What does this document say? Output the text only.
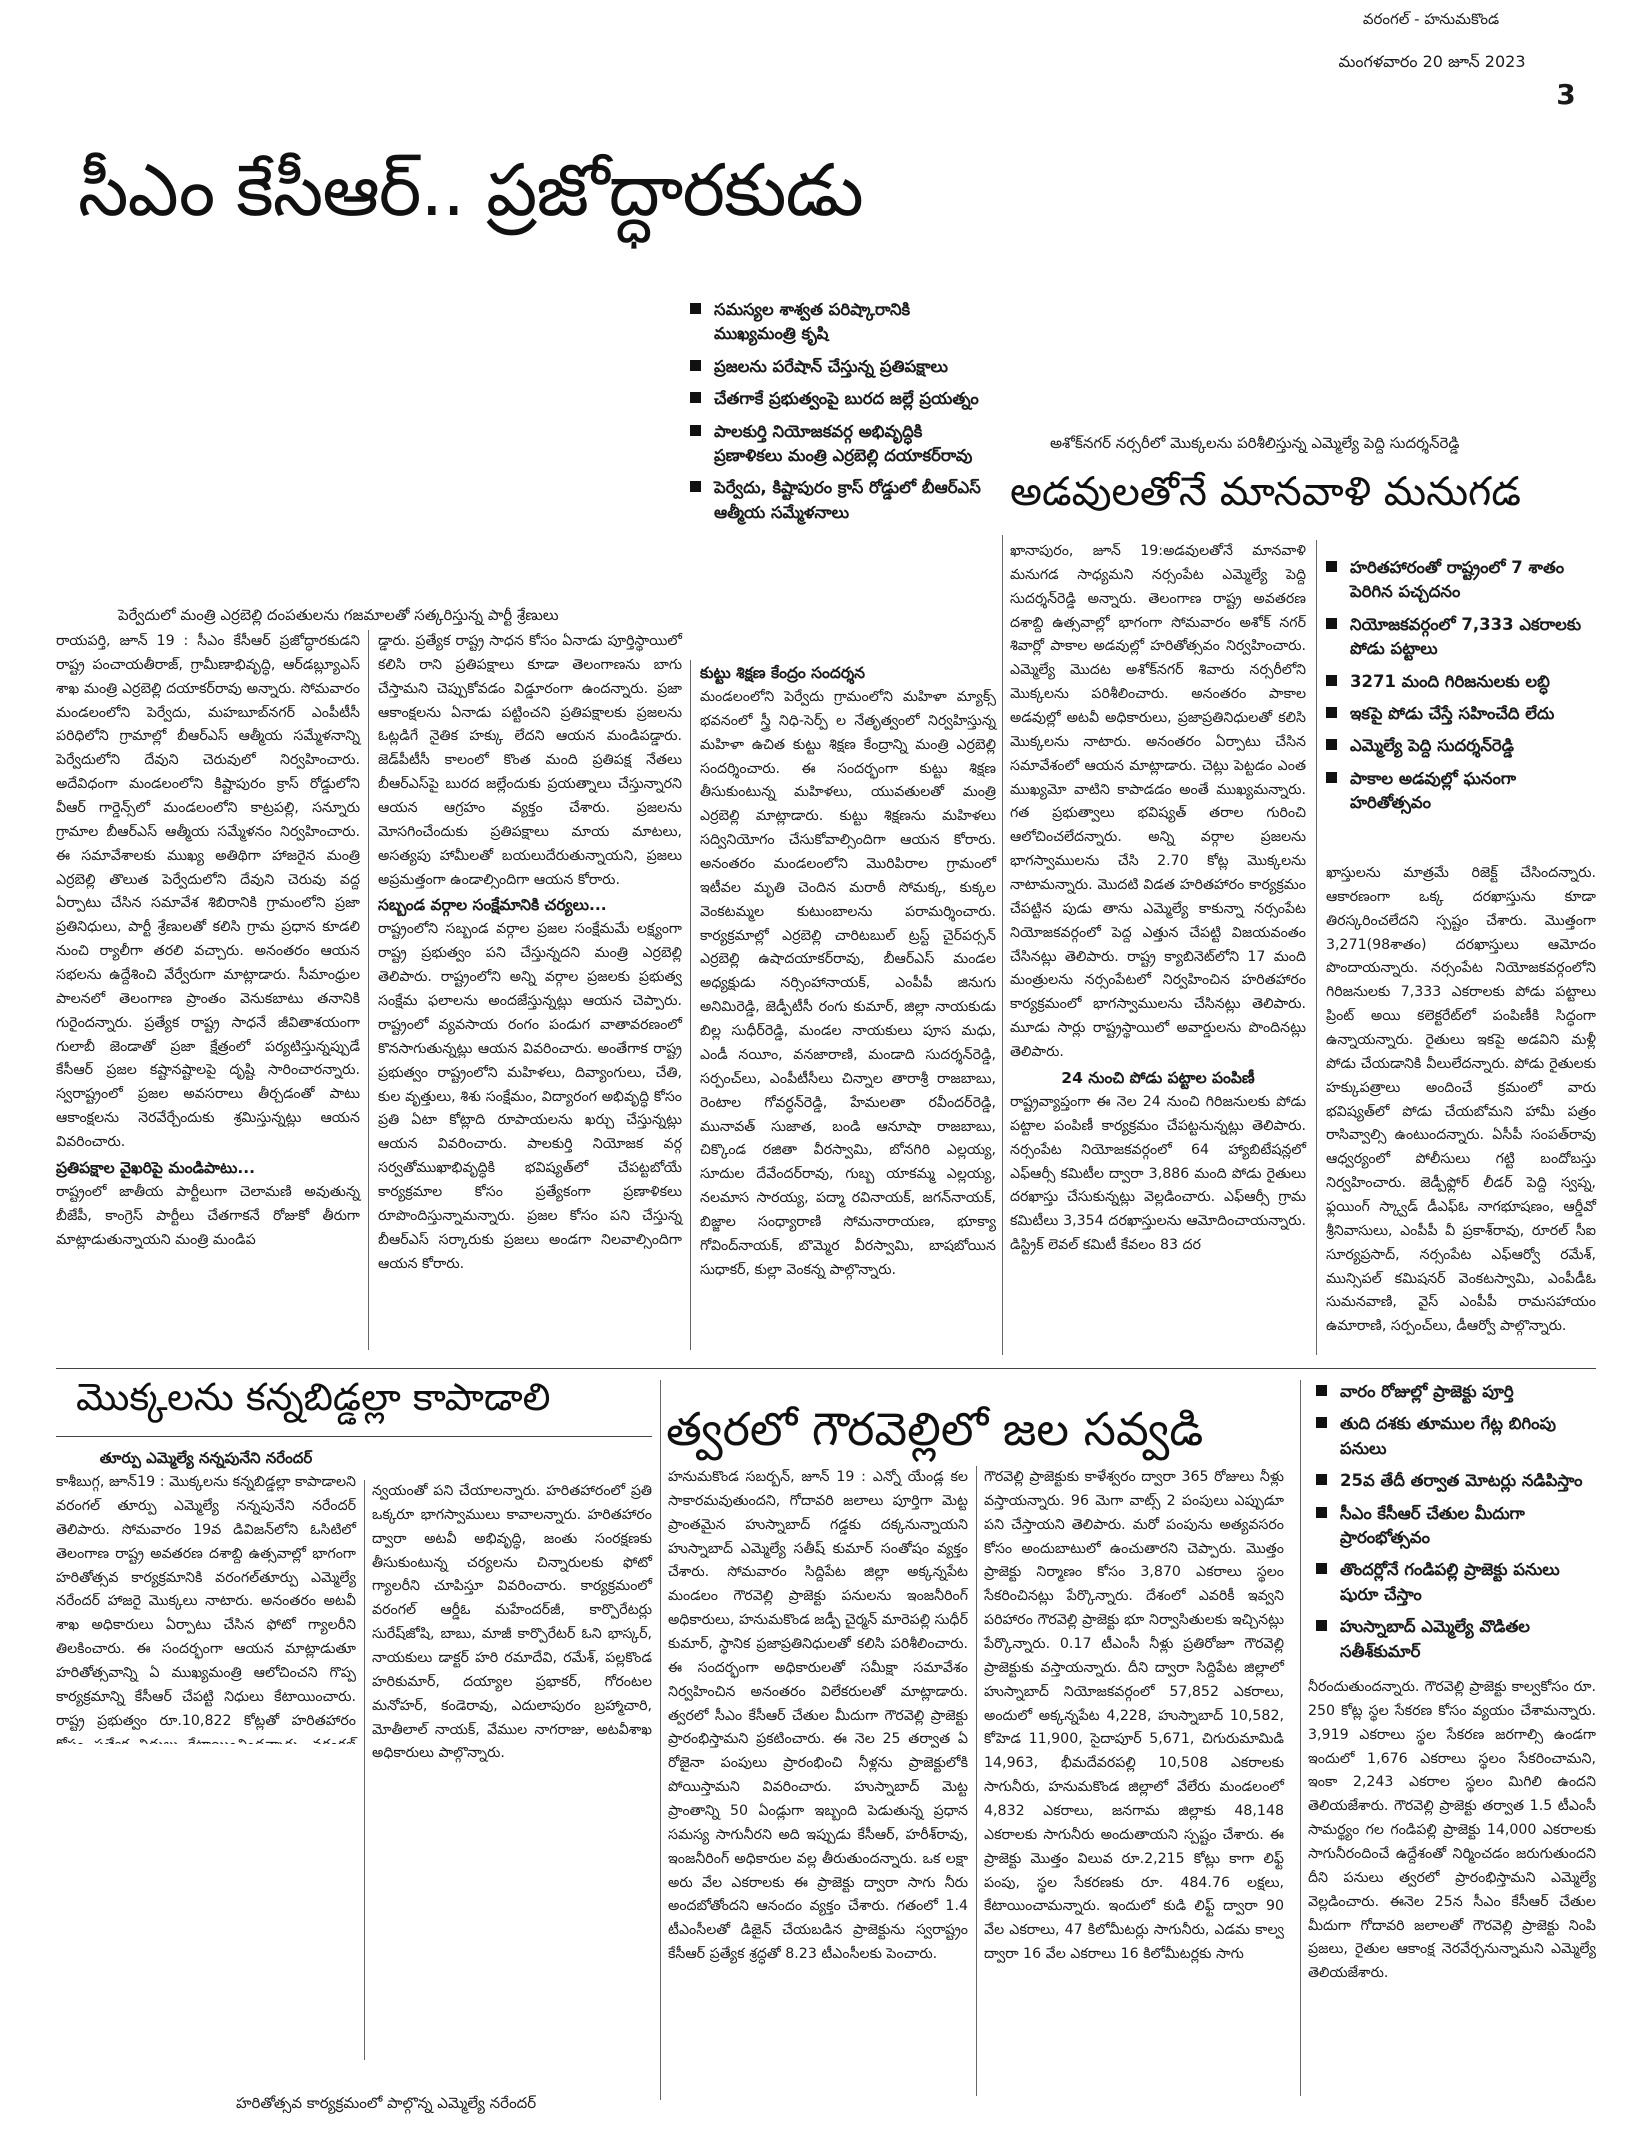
వరంగల్ - హనుమకొండ
మంగళవారం 20 జూన్ 2023
3
సీఎం కేసీఆర్.. ప్రజోద్ధారకుడు
పెర్వేదులో మంత్రి ఎర్రబెల్లి దంపతులను గజమాలతో సత్కరిస్తున్న పార్టీ శ్రేణులు
సమస్యల శాశ్వత పరిష్కారానికి ముఖ్యమంత్రి కృషి
ప్రజలను పరేషాన్ చేస్తున్న ప్రతిపక్షాలు
చేతగాకే ప్రభుత్వంపై బురద జల్లే ప్రయత్నం
పాలకుర్తి నియోజకవర్గ అభివృద్ధికి ప్రణాళికలు మంత్రి ఎర్రబెల్లి దయాకర్‌రావు
పెర్వేదు, కిష్టాపురం క్రాస్ రోడ్డులో బీఆర్ఎస్ ఆత్మీయ సమ్మేళనాలు

రాయపర్తి, జూన్ 19 : సీఎం కేసీఆర్ ప్రజోద్ధారకుడని రాష్ట్ర పంచాయతీరాజ్, గ్రామీణాభివృద్ధి, ఆర్‌డబ్ల్యూఎస్ శాఖ మంత్రి ఎర్రబెల్లి దయాకర్‌రావు అన్నారు. సోమవారం మండలంలోని పెర్వేదు, మహబూబ్‌నగర్ ఎంపీటీసీ పరిధిలోని గ్రామాల్లో బీఆర్ఎస్ ఆత్మీయ సమ్మేళనాన్ని పెర్వేదులోని దేవుని చెరువులో నిర్వహించారు. అదేవిధంగా మండలంలోని కిష్టాపురం క్రాస్ రోడ్డులోని వీఆర్ గార్డెన్స్‌లో మండలంలోని కాట్రపల్లి, సన్నూరు గ్రామాల బీఆర్ఎస్ ఆత్మీయ సమ్మేళనం నిర్వహించారు. ఈ సమావేశాలకు ముఖ్య అతిథిగా హాజరైన మంత్రి ఎర్రబెల్లి తొలుత పెర్వేదులోని దేవుని చెరువు వద్ద ఏర్పాటు చేసిన సమావేశ శిబిరానికి గ్రామంలోని ప్రజా ప్రతినిధులు, పార్టీ శ్రేణులతో కలిసి గ్రామ ప్రధాన కూడలి నుంచి ర్యాలీగా తరలి వచ్చారు. అనంతరం ఆయన సభలను ఉద్దేశించి వేర్వేరుగా మాట్లాడారు. సీమాంధ్రుల పాలనలో తెలంగాణ ప్రాంతం వెనుకబాటు తనానికి గురైందన్నారు. ప్రత్యేక రాష్ట్ర సాధనే జీవితాశయంగా గులాబీ జెండాతో ప్రజా క్షేత్రంలో పర్యటిస్తున్నప్పుడే కేసీఆర్ ప్రజల కష్టానష్టాలపై దృష్టి సారించారన్నారు. స్వరాష్ట్రంలో ప్రజల అవసరాలు తీర్చడంతో పాటు ఆకాంక్షలను నెరవేర్చేందుకు శ్రమిస్తున్నట్లు ఆయన వివరించారు.

ప్రతిపక్షాల వైఖరిపై మండిపాటు...

రాష్ట్రంలో జాతీయ పార్టీలుగా చెలామణి అవుతున్న బీజేపీ, కాంగ్రెస్ పార్టీలు చేతగాకనే రోజుకో తీరుగా మాట్లాడుతున్నాయని మంత్రి మండిప

డ్డారు. ప్రత్యేక రాష్ట్ర సాధన కోసం ఏనాడు పూర్తిస్థాయిలో కలిసి రాని ప్రతిపక్షాలు కూడా తెలంగాణను బాగు చేస్తామని చెప్పుకోవడం విడ్డూరంగా ఉందన్నారు. ప్రజా ఆకాంక్షలను ఏనాడు పట్టించని ప్రతిపక్షాలకు ప్రజలను ఓట్లడిగే నైతిక హక్కు లేదని ఆయన మండిపడ్డారు. జెడ్‌పీటీసీ కాలంలో కొంత మంది ప్రతిపక్ష నేతలు బీఆర్ఎస్‌పై బురద జల్లేందుకు ప్రయత్నాలు చేస్తున్నారని ఆయన ఆగ్రహం వ్యక్తం చేశారు. ప్రజలను మోసగించేందుకు ప్రతిపక్షాలు మాయ మాటలు, అసత్యపు హామీలతో బయలుదేరుతున్నాయని, ప్రజలు అప్రమత్తంగా ఉండాల్సిందిగా ఆయన కోరారు.

సబ్బండ వర్గాల సంక్షేమానికి చర్యలు...

రాష్ట్రంలోని సబ్బండ వర్గాల ప్రజల సంక్షేమమే లక్ష్యంగా రాష్ట్ర ప్రభుత్వం పని చేస్తున్నదని మంత్రి ఎర్రబెల్లి తెలిపారు. రాష్ట్రంలోని అన్ని వర్గాల ప్రజలకు ప్రభుత్వ సంక్షేమ ఫలాలను అందజేస్తున్నట్లు ఆయన చెప్పారు. రాష్ట్రంలో వ్యవసాయ రంగం పండుగ వాతావరణంలో కొనసాగుతున్నట్లు ఆయన వివరించారు. అంతేగాక రాష్ట్ర ప్రభుత్వం రాష్ట్రంలోని మహిళలు, దివ్యాంగులు, చేతి, కుల వృత్తులు, శిశు సంక్షేమం, విద్యారంగ అభివృద్ధి కోసం ప్రతి ఏటా కోట్లాది రూపాయలను ఖర్చు చేస్తున్నట్లు ఆయన వివరించారు. పాలకుర్తి నియోజక వర్గ సర్వతోముఖాభివృద్ధికి భవిష్యత్‌లో చేపట్టబోయే కార్యక్రమాల కోసం ప్రత్యేకంగా ప్రణాళికలు రూపొందిస్తున్నామన్నారు. ప్రజల కోసం పని చేస్తున్న బీఆర్ఎస్ సర్కారుకు ప్రజలు అండగా నిలవాల్సిందిగా ఆయన కోరారు.

కుట్టు శిక్షణ కేంద్రం సందర్శన

మండలంలోని పెర్వేదు గ్రామంలోని మహిళా మ్యాక్స్ భవనంలో స్త్రీ నిధి-సెర్ప్ ల నేతృత్వంలో నిర్వహిస్తున్న మహిళా ఉచిత కుట్టు శిక్షణ కేంద్రాన్ని మంత్రి ఎర్రబెల్లి సందర్శించారు. ఈ సందర్భంగా కుట్టు శిక్షణ తీసుకుంటున్న మహిళలు, యువతులతో మంత్రి ఎర్రబెల్లి మాట్లాడారు. కుట్టు శిక్షణను మహిళలు సద్వినియోగం చేసుకోవాల్సిందిగా ఆయన కోరారు. అనంతరం మండలంలోని మొరిపిరాల గ్రామంలో ఇటీవల మృతి చెందిన మరాఠీ సోమక్క, కుక్కల వెంకటమ్మల కుటుంబాలను పరామర్శించారు. కార్యక్రమాల్లో ఎర్రబెల్లి చారిటబుల్ ట్రస్ట్ చైర్‌పర్సన్ ఎర్రబెల్లి ఉషాదయాకర్‌రావు, బీఆర్ఎస్ మండల అధ్యక్షుడు నర్సింహానాయక్, ఎంపీపీ జినుగు అనిమిరెడ్డి, జెడ్పీటీసీ రంగు కుమార్, జిల్లా నాయకుడు బిల్ల సుధీర్‌రెడ్డి, మండల నాయకులు పూస మధు, ఎండీ నయీం, వనజారాణి, మండాది సుదర్శన్‌రెడ్డి, సర్పంచ్‌లు, ఎంపీటీసీలు చిన్నాల తారాశ్రీ రాజబాబు, రెంటాల గోవర్ధన్‌రెడ్డి, హేమలతా రవీందర్‌రెడ్డి, మునావత్ సుజాత, బండి ఆనూషా రాజబాబు, చిక్కొండ రజితా వీరస్వామి, బోనగిరి ఎల్లయ్య, సూదుల దేవేందర్‌రావు, గుబ్బ యాకమ్మ ఎల్లయ్య, నలమాస సారయ్య, పద్మా రవినాయక్, జగన్‌నాయక్, బిజ్జాల సంధ్యారాణి సోమనారాయణ, భూక్యా గోవింద్‌నాయక్, బొమ్మెర వీరస్వామి, బాషబోయిన సుధాకర్, కుల్లా వెంకన్న పాల్గొన్నారు.

అశోక్‌నగర్ నర్సరీలో మొక్కలను పరిశీలిస్తున్న ఎమ్మెల్యే పెద్ది సుదర్శన్‌రెడ్డి
అడవులతోనే మానవాళి మనుగడ

ఖానాపురం, జూన్ 19:అడవులతోనే మానవాళి మనుగడ సాధ్యమని నర్సంపేట ఎమ్మెల్యే పెద్ది సుదర్శన్‌రెడ్డి అన్నారు. తెలంగాణ రాష్ట్ర అవతరణ దశాబ్ది ఉత్సవాల్లో భాగంగా సోమవారం అశోక్ నగర్ శివార్లో పాకాల అడవుల్లో హరితోత్సవం నిర్వహించారు. ఎమ్మెల్యే మొదట అశోక్‌నగర్ శివారు నర్సరీలోని మొక్కలను పరిశీలించారు. అనంతరం పాకాల అడవుల్లో అటవీ అధికారులు, ప్రజాప్రతినిధులతో కలిసి మొక్కలను నాటారు. అనంతరం ఏర్పాటు చేసిన సమావేశంలో ఆయన మాట్లాడారు. చెట్లు పెట్టడం ఎంత ముఖ్యమో వాటిని కాపాడడం అంతే ముఖ్యమన్నారు. గత ప్రభుత్వాలు భవిష్యత్ తరాల గురించి ఆలోచించలేదన్నారు. అన్ని వర్గాల ప్రజలను భాగస్వాములను చేసి 2.70 కోట్ల మొక్కలను నాటామన్నారు. మొదటి విడత హరితహారం కార్యక్రమం చేపట్టిన పుడు తాను ఎమ్మెల్యే కాకున్నా నర్సంపేట నియోజకవర్గంలో పెద్ద ఎత్తున చేపట్టి విజయవంతం చేసినట్లు తెలిపారు. రాష్ట్ర క్యాబినెట్‌లోని 17 మంది మంత్రులను నర్సంపేటలో నిర్వహించిన హరితహారం కార్యక్రమంలో భాగస్వాములను చేసినట్లు తెలిపారు. మూడు సార్లు రాష్ట్రస్థాయిలో అవార్డులను పొందినట్లు తెలిపారు.

24 నుంచి పోడు పట్టాల పంపిణీ

రాష్ట్రవ్యాప్తంగా ఈ నెల 24 నుంచి గిరిజనులకు పోడు పట్టాల పంపిణీ కార్యక్రమం చేపట్టనున్నట్లు తెలిపారు. నర్సంపేట నియోజకవర్గంలో 64 హ్యాబిటేషన్లలో ఎఫ్ఆర్సీ కమిటీల ద్వారా 3,886 మంది పోడు రైతులు దరఖాస్తు చేసుకున్నట్లు వెల్లడించారు. ఎఫ్ఆర్సీ గ్రామ కమిటీలు 3,354 దరఖాస్తులను ఆమోదించాయన్నారు. డిస్ట్రిక్ లెవల్ కమిటీ కేవలం 83 దర

హరితహారంతో రాష్ట్రంలో 7 శాతం పెరిగిన పచ్చదనం
నియోజకవర్గంలో 7,333 ఎకరాలకు పోడు పట్టాలు
3271 మంది గిరిజనులకు లబ్ధి
ఇకపై పోడు చేస్తే సహించేది లేదు
ఎమ్మెల్యే పెద్ది సుదర్శన్‌రెడ్డి
పాకాల అడవుల్లో ఘనంగా హరితోత్సవం

ఖాస్తులను మాత్రమే రిజెక్ట్ చేసిందన్నారు. ఆకారణంగా ఒక్క దరఖాస్తును కూడా తిరస్కరించలేదని స్పష్టం చేశారు. మొత్తంగా 3,271(98శాతం) దరఖాస్తులు ఆమోదం పొందాయన్నారు. నర్సంపేట నియోజకవర్గంలోని గిరిజనులకు 7,333 ఎకరాలకు పోడు పట్టాలు ప్రింట్ అయి కలెక్టరేట్‌లో పంపిణీకి సిద్ధంగా ఉన్నాయన్నారు. రైతులు ఇకపై అడవిని మళ్లీ పోడు చేయడానికి వీలులేదన్నారు. పోడు రైతులకు హక్కుపత్రాలు అందించే క్రమంలో వారు భవిష్యత్‌లో పోడు చేయబోమని హామీ పత్రం రాసివ్వాల్సి ఉంటుందన్నారు. ఏసీపీ సంపత్‌రావు ఆధ్వర్యంలో పోలీసులు గట్టి బందోబస్తు నిర్వహించారు. జెడ్పీఫ్లోర్ లీడర్ పెద్ది స్వప్న, ఫ్లయింగ్ స్క్వాడ్ డీఎఫ్ఓ నాగభూషణం, ఆర్డీవో శ్రీనివాసులు, ఎంపీపీ వీ ప్రకాశ్‌రావు, రూరల్ సీఐ సూర్యప్రసాద్, నర్సంపేట ఎఫ్ఆర్వో రమేశ్, మున్సిపల్ కమిషనర్ వెంకటస్వామి, ఎంపీడీఓ సుమనవాణి, వైస్ ఎంపీపీ రామసహాయం ఉమారాణి, సర్పంచ్‌లు, డీఆర్వో పాల్గొన్నారు.

మొక్కలను కన్నబిడ్డల్లా కాపాడాలి

తూర్పు ఎమ్మెల్యే నన్నపునేని నరేందర్

కాశీబుగ్గ, జూన్19 : మొక్కలను కన్నబిడ్డల్లా కాపాడాలని వరంగల్ తూర్పు ఎమ్మెల్యే నన్నపునేని నరేందర్ తెలిపారు. సోమవారం 19వ డివిజన్‌లోని ఓసిటిలో తెలంగాణ రాష్ట్ర అవతరణ దశాబ్ది ఉత్సవాల్లో భాగంగా హరితోత్సవ కార్యక్రమానికి వరంగల్‌తూర్పు ఎమ్మెల్యే నరేందర్ హాజరై మొక్కలు నాటారు. అనంతరం అటవీ శాఖ అధికారులు ఏర్పాటు చేసిన ఫోటో గ్యాలరీని తిలకించారు. ఈ సందర్భంగా ఆయన మాట్లాడుతూ హరితోత్సవాన్ని ఏ ముఖ్యమంత్రి ఆలోచించని గొప్ప కార్యక్రమాన్ని కేసీఆర్ చేపట్టి నిధులు కేటాయించారు. రాష్ట్ర ప్రభుత్వం రూ.10,822 కోట్లతో హరితహారం

న్వయంతో పని చేయాలన్నారు. హరితహారంలో ప్రతి ఒక్కరూ భాగస్వాములు కావాలన్నారు. హరితహారం ద్వారా అటవీ అభివృద్ధి, జంతు సంరక్షణకు తీసుకుంటున్న చర్యలను చిన్నారులకు ఫోటో గ్యాలరీని చూపిస్తూ వివరించారు. కార్యక్రమంలో వరంగల్ ఆర్డీఓ మహేందర్‌జీ, కార్పొరేటర్లు సురేష్‌జోషి, బాబు, మాజీ కార్పొరేటర్ ఓని భాస్కర్, నాయకులు డాక్టర్ హరి రమాదేవి, రమేశ్, పల్లకొండ హరికుమార్, దయ్యాల ప్రభాకర్, గోరంటల మనోహర్, కండెరావు, ఎదులాపురం బ్రహ్మాచారి, మోతీలాల్ నాయక్, వేముల నాగరాజు, అటవీశాఖ అధికారులు పాల్గొన్నారు.

హరితోత్సవ కార్యక్రమంలో పాల్గొన్న ఎమ్మెల్యే నరేందర్
త్వరలో గౌరవెల్లిలో జల సవ్వడి
వారం రోజుల్లో ప్రాజెక్టు పూర్తి
తుది దశకు తూముల గేట్ల బిగింపు పనులు
25వ తేదీ తర్వాత మోటర్లు నడిపిస్తాం
సీఎం కేసీఆర్ చేతుల మీదుగా ప్రారంభోత్సవం
తొందర్లోనే గండిపల్లి ప్రాజెక్టు పనులు షురూ చేస్తాం
హుస్నాబాద్ ఎమ్మెల్యే వొడితల సతీశ్‌కుమార్

హనుమకొండ సబర్బన్, జూన్ 19 : ఎన్నో యేండ్ల కల సాకారమవుతుందని, గోదావరి జలాలు పూర్తిగా మెట్ట ప్రాంతమైన హుస్నాబాద్ గడ్డకు దక్కనున్నాయని హుస్నాబాద్ ఎమ్మెల్యే సతీష్ కుమార్ సంతోషం వ్యక్తం చేశారు. సోమవారం సిద్దిపేట జిల్లా అక్కన్నపేట మండలం గౌరవెల్లి ప్రాజెక్టు పనులను ఇంజనీరింగ్ అధికారులు, హనుమకొండ జడ్పీ చైర్మన్ మారెపల్లి సుధీర్ కుమార్, స్థానిక ప్రజాప్రతినిధులతో కలిసి పరిశీలించారు. ఈ సందర్భంగా అధికారులతో సమీక్షా సమావేశం నిర్వహించిన అనంతరం విలేకరులతో మాట్లాడారు. త్వరలో సీఎం కేసీఆర్ చేతుల మీదుగా గౌరవెల్లి ప్రాజెక్టు ప్రారంభిస్తామని ప్రకటించారు. ఈ నెల 25 తర్వాత ఏ రోజైనా పంపులు ప్రారంభించి నీళ్లను ప్రాజెక్టులోకి పోయిస్తామని వివరించారు. హుస్నాబాద్ మెట్ట ప్రాంతాన్ని 50 ఏండ్లుగా ఇబ్బంది పెడుతున్న ప్రధాన సమస్య సాగునీరని అది ఇప్పుడు కేసీఆర్, హరీశ్‌రావు, ఇంజనీరింగ్ అధికారుల వల్ల తీరుతుందన్నారు. ఒక లక్షా అరు వేల ఎకరాలకు ఈ ప్రాజెక్టు ద్వారా సాగు నీరు అందబోతోందని ఆనందం వ్యక్తం చేశారు. గతంలో 1.4 టీఎంసీలతో డిజైన్ చేయబడిన ప్రాజెక్టును స్వరాష్ట్రం కేసీఆర్ ప్రత్యేక శ్రద్ధతో 8.23 టీఎంసీలకు పెంచారు.

గౌరవెల్లి ప్రాజెక్టుకు కాళేశ్వరం ద్వారా 365 రోజులు నీళ్లు వస్తాయన్నారు. 96 మెగా వాట్స్ 2 పంపులు ఎప్పుడూ పని చేస్తాయని తెలిపారు. మరో పంపును అత్యవసరం కోసం అందుబాటులో ఉంచుతారని చెప్పారు. మొత్తం ప్రాజెక్టు నిర్మాణం కోసం 3,870 ఎకరాలు స్థలం సేకరించినట్లు పేర్కొన్నారు. దేశంలో ఎవరికీ ఇవ్వని పరిహారం గౌరవెల్లి ప్రాజెక్టు భూ నిర్వాసితులకు ఇచ్చినట్లు పేర్కొన్నారు. 0.17 టీఎంసీ నీళ్లు ప్రతిరోజూ గౌరవెల్లి ప్రాజెక్టుకు వస్తాయన్నారు. దీని ద్వారా సిద్దిపేట జిల్లాలో హుస్నాబాద్ నియోజకవర్గంలో 57,852 ఎకరాలు, అందులో అక్కన్నపేట 4,228, హుస్నాబాద్ 10,582, కోహెడ 11,900, సైదాపూర్ 5,671, చిగురుమామిడి 14,963, భీమదేవరపల్లి 10,508 ఎకరాలకు సాగునీరు, హనుమకొండ జిల్లాలో వేలేరు మండలంలో 4,832 ఎకరాలు, జనగామ జిల్లాకు 48,148 ఎకరాలకు సాగునీరు అందుతాయని స్పష్టం చేశారు. ఈ ప్రాజెక్టు మొత్తం విలువ రూ.2,215 కోట్లు కాగా లిఫ్ట్ పంపు, స్థల సేకరణకు రూ. 484.76 లక్షలు, కేటాయించామన్నారు. ఇందులో కుడి లిఫ్ట్ ద్వారా 90 వేల ఎకరాలు, 47 కిలోమీటర్లు సాగునీరు, ఎడమ కాల్వ ద్వారా 16 వేల ఎకరాలు 16 కిలోమీటర్లకు సాగు

నీరందుతుందన్నారు. గౌరవెల్లి ప్రాజెక్టు కాల్వకోసం రూ. 250 కోట్ల స్థల సేకరణ కోసం వ్యయం చేశామన్నారు. 3,919 ఎకరాలు స్థల సేకరణ జరగాల్సి ఉండగా ఇందులో 1,676 ఎకరాలు స్థలం సేకరించామని, ఇంకా 2,243 ఎకరాల స్థలం మిగిలి ఉందని తెలియజేశారు. గౌరవెల్లి ప్రాజెక్టు తర్వాత 1.5 టీఎంసీ సామర్థ్యం గల గండిపల్లి ప్రాజెక్టు 14,000 ఎకరాలకు సాగునీరందించే ఉద్దేశంతో నిర్మించడం జరుగుతుందని దీని పనులు త్వరలో ప్రారంభిస్తామని ఎమ్మెల్యే వెల్లడించారు. ఈనెల 25న సీఎం కేసీఆర్ చేతుల మీదుగా గోదావరి జలాలతో గౌరవెల్లి ప్రాజెక్టు నింపి ప్రజలు, రైతుల ఆకాంక్ష నెరవేర్చనున్నామని ఎమ్మెల్యే తెలియజేశారు.
